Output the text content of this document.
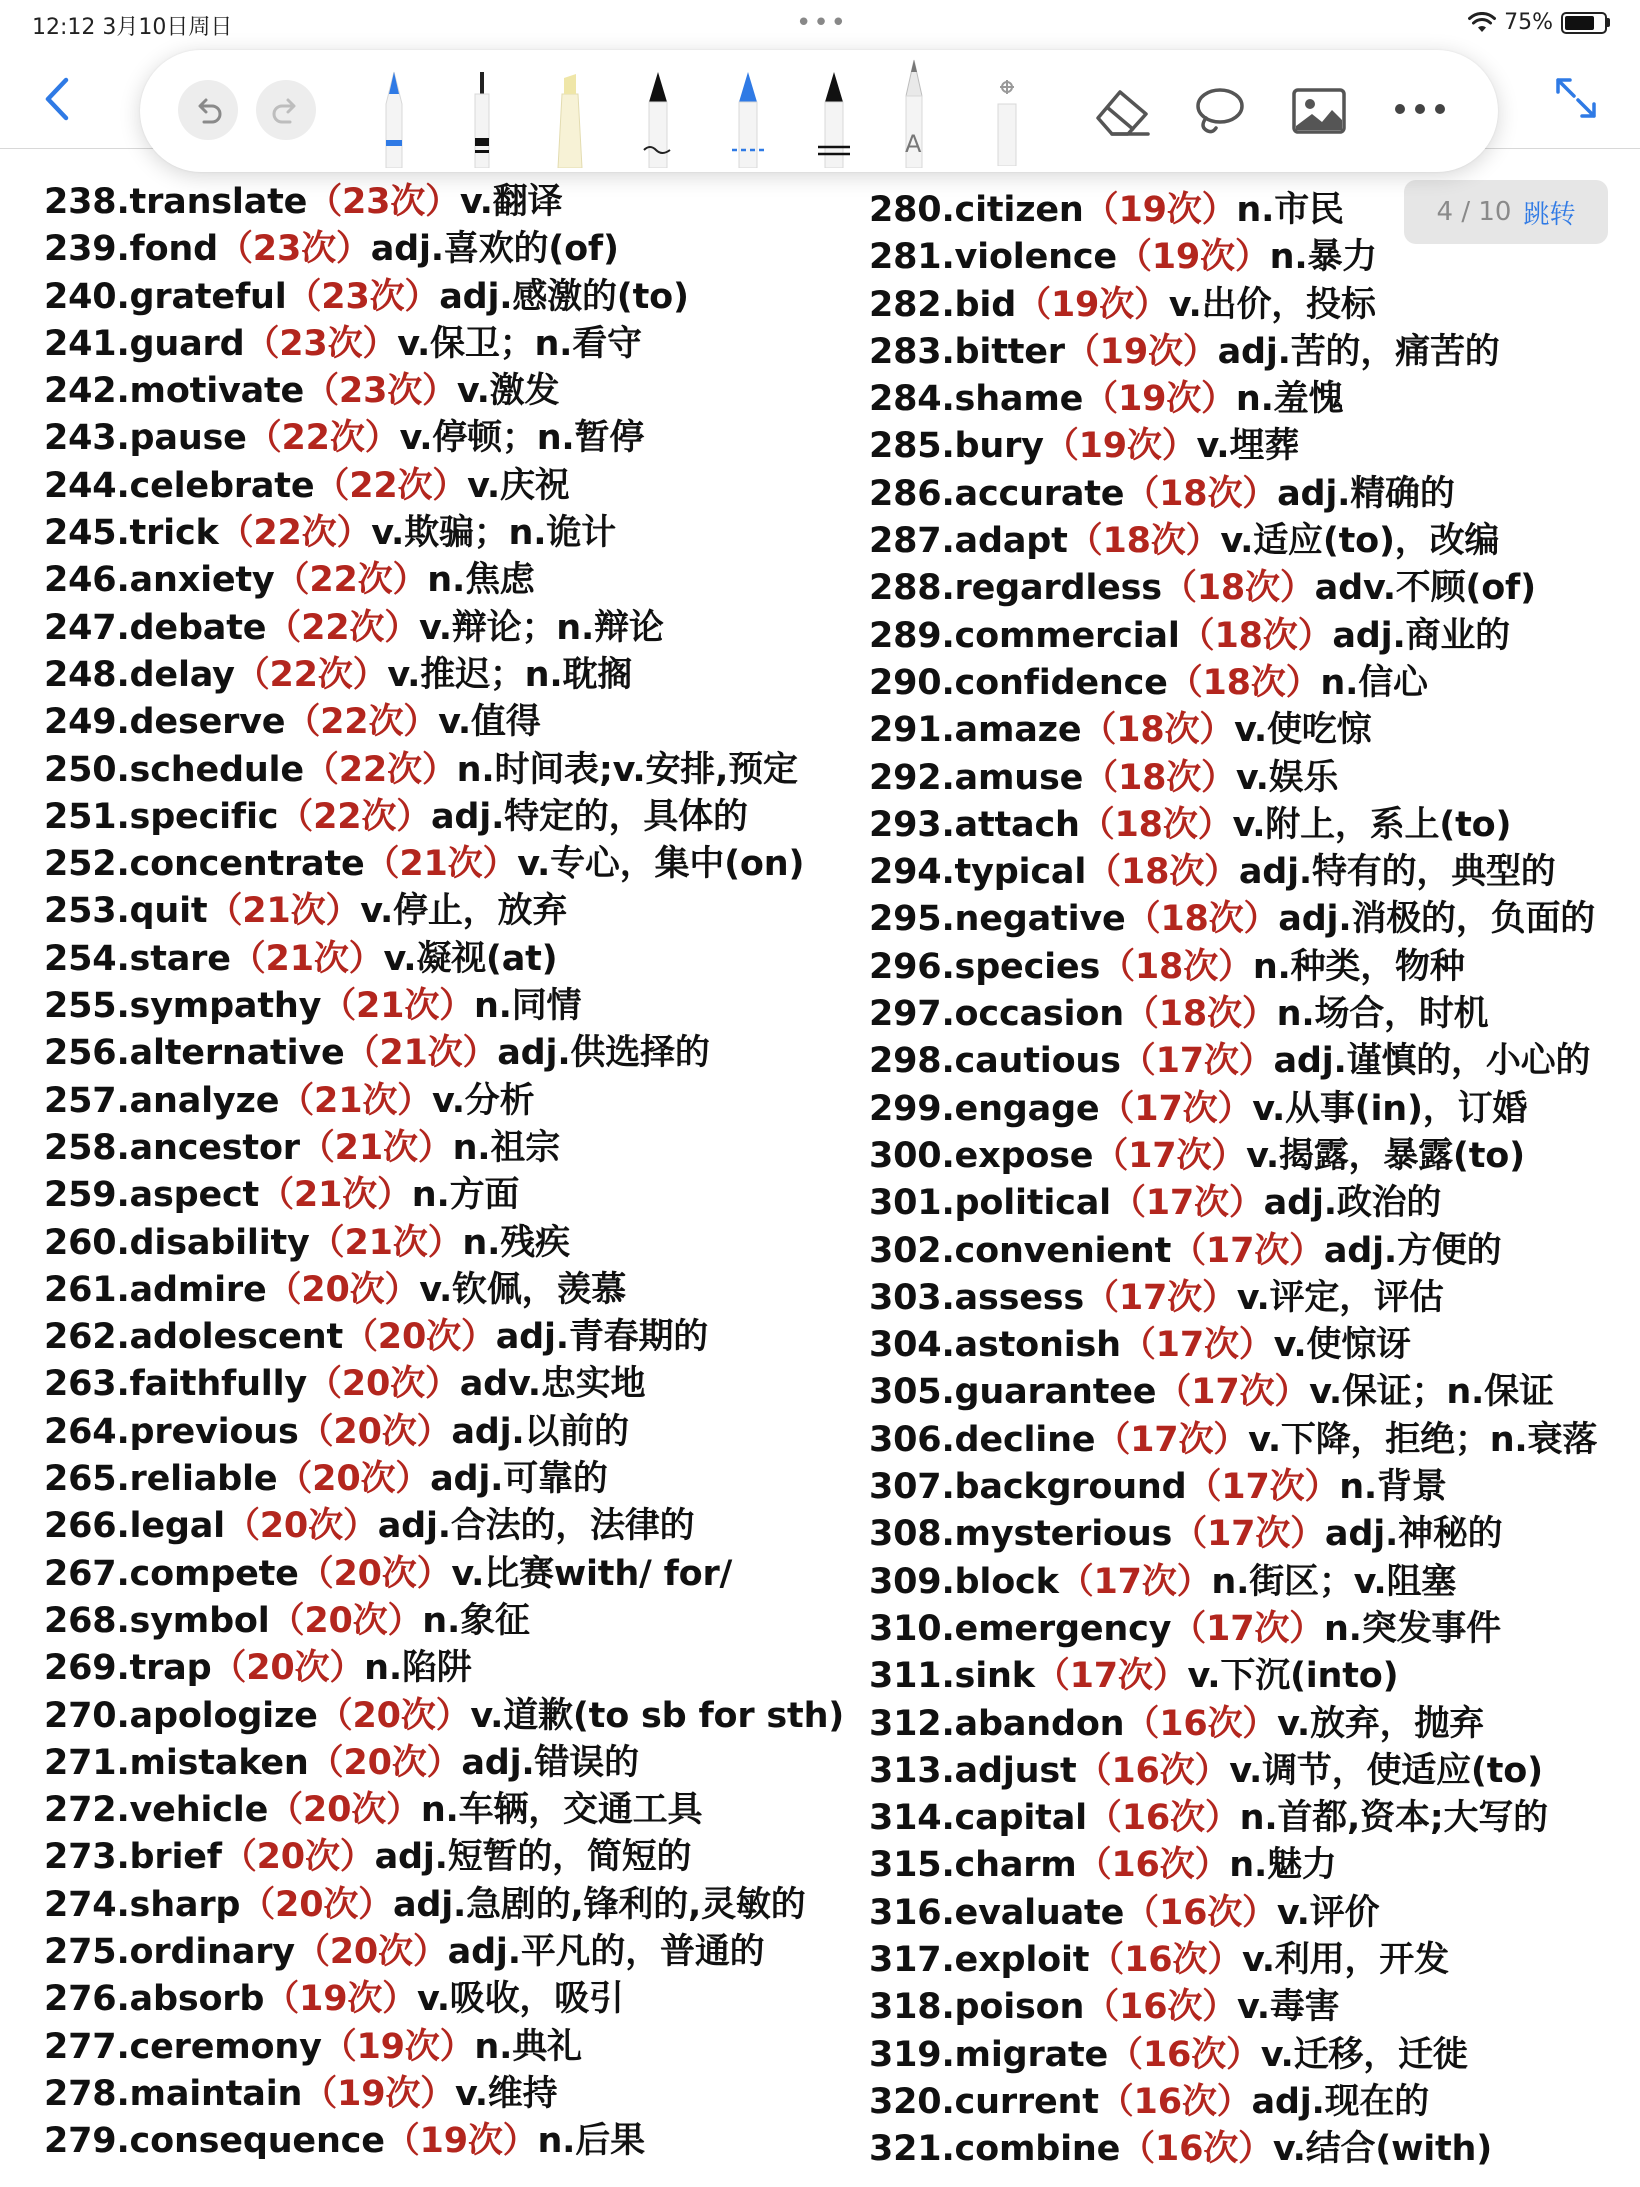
12:12 3月10日周日	•••	75%
A
4 / 10 跳转
238.translate（23次）v.翻译
239.fond（23次）adj.喜欢的(of)
240.grateful（23次）adj.感激的(to)
241.guard（23次）v.保卫；n.看守
242.motivate（23次）v.激发
243.pause（22次）v.停顿；n.暂停
244.celebrate（22次）v.庆祝
245.trick（22次）v.欺骗；n.诡计
246.anxiety（22次）n.焦虑
247.debate（22次）v.辩论；n.辩论
248.delay（22次）v.推迟；n.耽搁
249.deserve（22次）v.值得
250.schedule（22次）n.时间表;v.安排,预定
251.specific（22次）adj.特定的，具体的
252.concentrate（21次）v.专心，集中(on)
253.quit（21次）v.停止，放弃
254.stare（21次）v.凝视(at)
255.sympathy（21次）n.同情
256.alternative（21次）adj.供选择的
257.analyze（21次）v.分析
258.ancestor（21次）n.祖宗
259.aspect（21次）n.方面
260.disability（21次）n.残疾
261.admire（20次）v.钦佩，羡慕
262.adolescent（20次）adj.青春期的
263.faithfully（20次）adv.忠实地
264.previous（20次）adj.以前的
265.reliable（20次）adj.可靠的
266.legal（20次）adj.合法的，法律的
267.compete（20次）v.比赛with/ for/
268.symbol（20次）n.象征
269.trap（20次）n.陷阱
270.apologize（20次）v.道歉(to sb for sth)
271.mistaken（20次）adj.错误的
272.vehicle（20次）n.车辆，交通工具
273.brief（20次）adj.短暂的，简短的
274.sharp（20次）adj.急剧的,锋利的,灵敏的
275.ordinary（20次）adj.平凡的，普通的
276.absorb（19次）v.吸收，吸引
277.ceremony（19次）n.典礼
278.maintain（19次）v.维持
279.consequence（19次）n.后果
280.citizen（19次）n.市民
281.violence（19次）n.暴力
282.bid（19次）v.出价，投标
283.bitter（19次）adj.苦的，痛苦的
284.shame（19次）n.羞愧
285.bury（19次）v.埋葬
286.accurate（18次）adj.精确的
287.adapt（18次）v.适应(to)，改编
288.regardless（18次）adv.不顾(of)
289.commercial（18次）adj.商业的
290.confidence（18次）n.信心
291.amaze（18次）v.使吃惊
292.amuse（18次）v.娱乐
293.attach（18次）v.附上，系上(to)
294.typical（18次）adj.特有的，典型的
295.negative（18次）adj.消极的，负面的
296.species（18次）n.种类，物种
297.occasion（18次）n.场合，时机
298.cautious（17次）adj.谨慎的，小心的
299.engage（17次）v.从事(in)，订婚
300.expose（17次）v.揭露，暴露(to)
301.political（17次）adj.政治的
302.convenient（17次）adj.方便的
303.assess（17次）v.评定，评估
304.astonish（17次）v.使惊讶
305.guarantee（17次）v.保证；n.保证
306.decline（17次）v.下降，拒绝；n.衰落
307.background（17次）n.背景
308.mysterious（17次）adj.神秘的
309.block（17次）n.街区；v.阻塞
310.emergency（17次）n.突发事件
311.sink（17次）v.下沉(into)
312.abandon（16次）v.放弃，抛弃
313.adjust（16次）v.调节，使适应(to)
314.capital（16次）n.首都,资本;大写的
315.charm（16次）n.魅力
316.evaluate（16次）v.评价
317.exploit（16次）v.利用，开发
318.poison（16次）v.毒害
319.migrate（16次）v.迁移，迁徙
320.current（16次）adj.现在的
321.combine（16次）v.结合(with)
